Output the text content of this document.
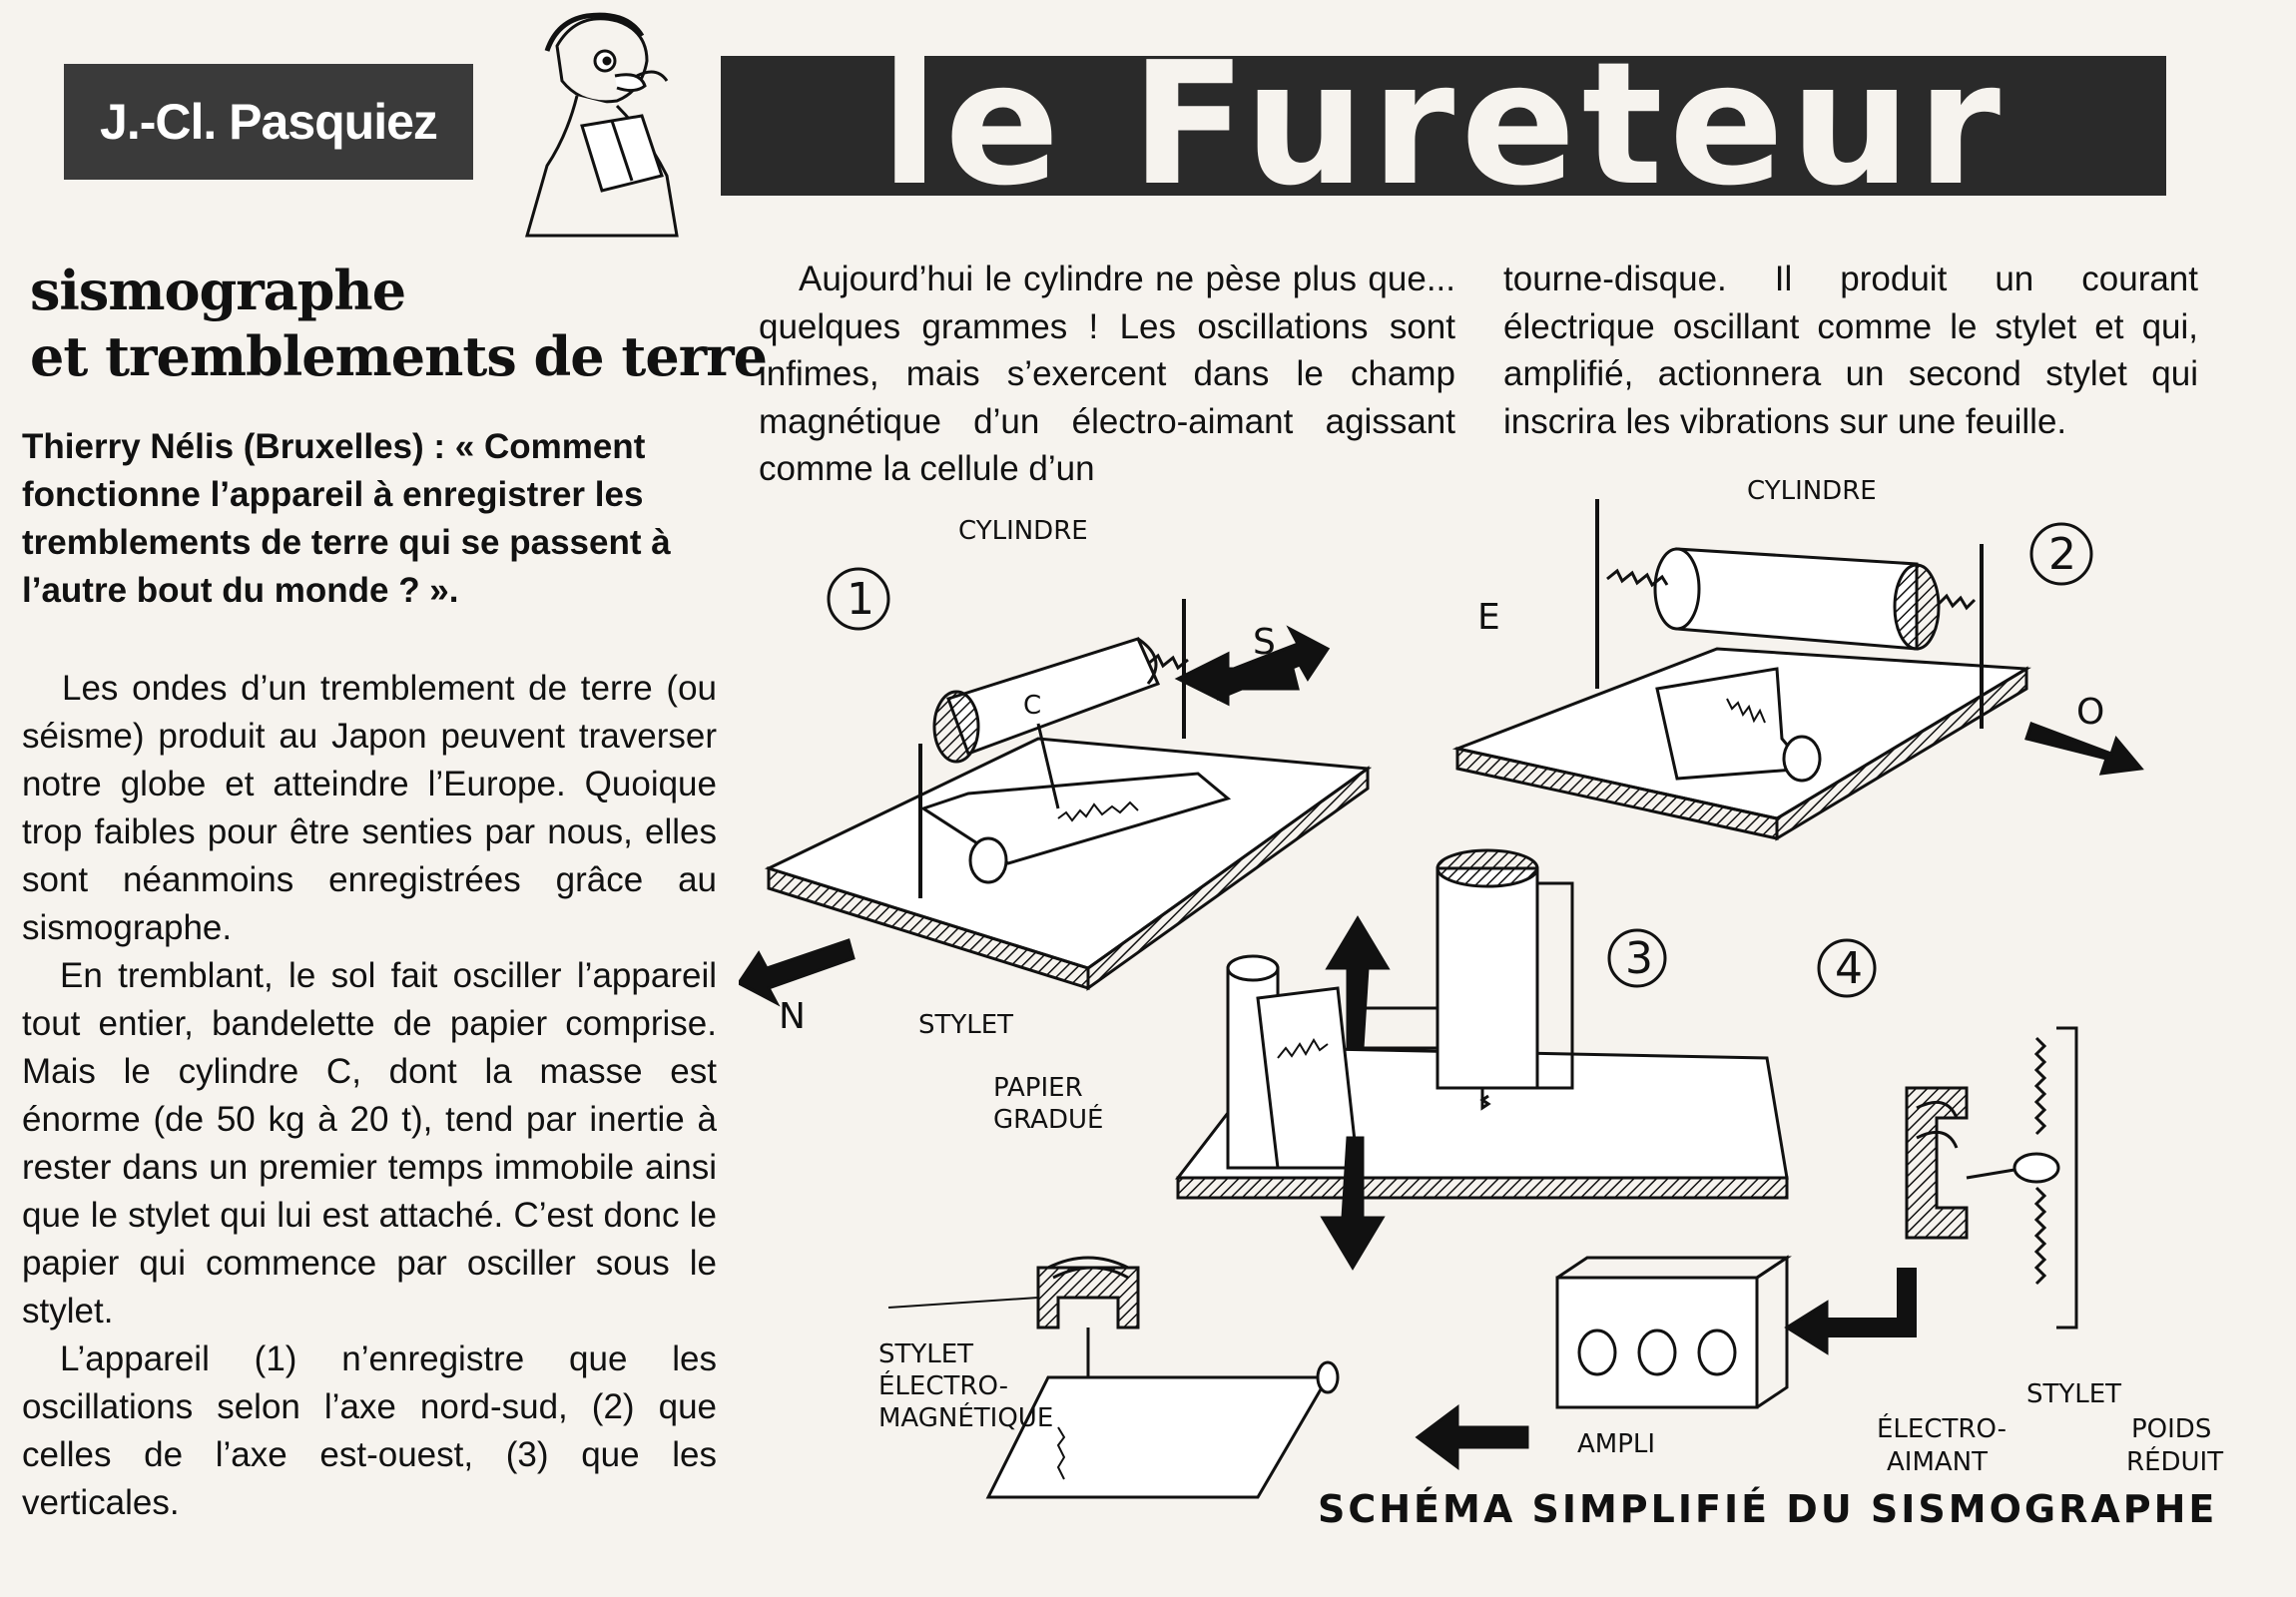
J.-Cl. Pasquiez	le Fureteur
sismographe
et tremblements de terre
Thierry Nélis (Bruxelles) : « Comment fonctionne l’appareil à enregistrer les tremblements de terre qui se passent à l’autre bout du monde ? ».

Les ondes d’un tremblement de terre (ou séisme) produit au Japon peuvent traverser notre globe et atteindre l’Europe. Quoique trop faibles pour être senties par nous, elles sont néanmoins enregistrées grâce au sismographe.

En tremblant, le sol fait osciller l’appareil tout entier, bandelette de papier comprise. Mais le cylindre C, dont la masse est énorme (de 50 kg à 20 t), tend par inertie à rester dans un premier temps immobile ainsi que le stylet qui lui est attaché. C’est donc le papier qui commence par osciller sous le stylet.

L’appareil (1) n’enregistre que les oscillations selon l’axe nord-sud, (2) que celles de l’axe est-ouest, (3) que les verticales.

Aujourd’hui le cylindre ne pèse plus que... quelques grammes ! Les oscillations sont infimes, mais s’exercent dans le champ magnétique d’un électro-aimant agissant comme la cellule d’un

tourne-disque. Il produit un courant électrique oscillant comme le stylet et qui, amplifié, actionnera un second stylet qui inscrira les vibrations sur une feuille.

1
2
3	4
CYLINDRE
CYLINDRE
C
S
N
E
O
STYLET
PAPIER
GRADUÉ
STYLET
ÉLECTRO-
MAGNÉTIQUE
AMPLI	ÉLECTRO-
AIMANT
STYLET
POIDS
RÉDUIT
SCHÉMA SIMPLIFIÉ DU SISMOGRAPHE
